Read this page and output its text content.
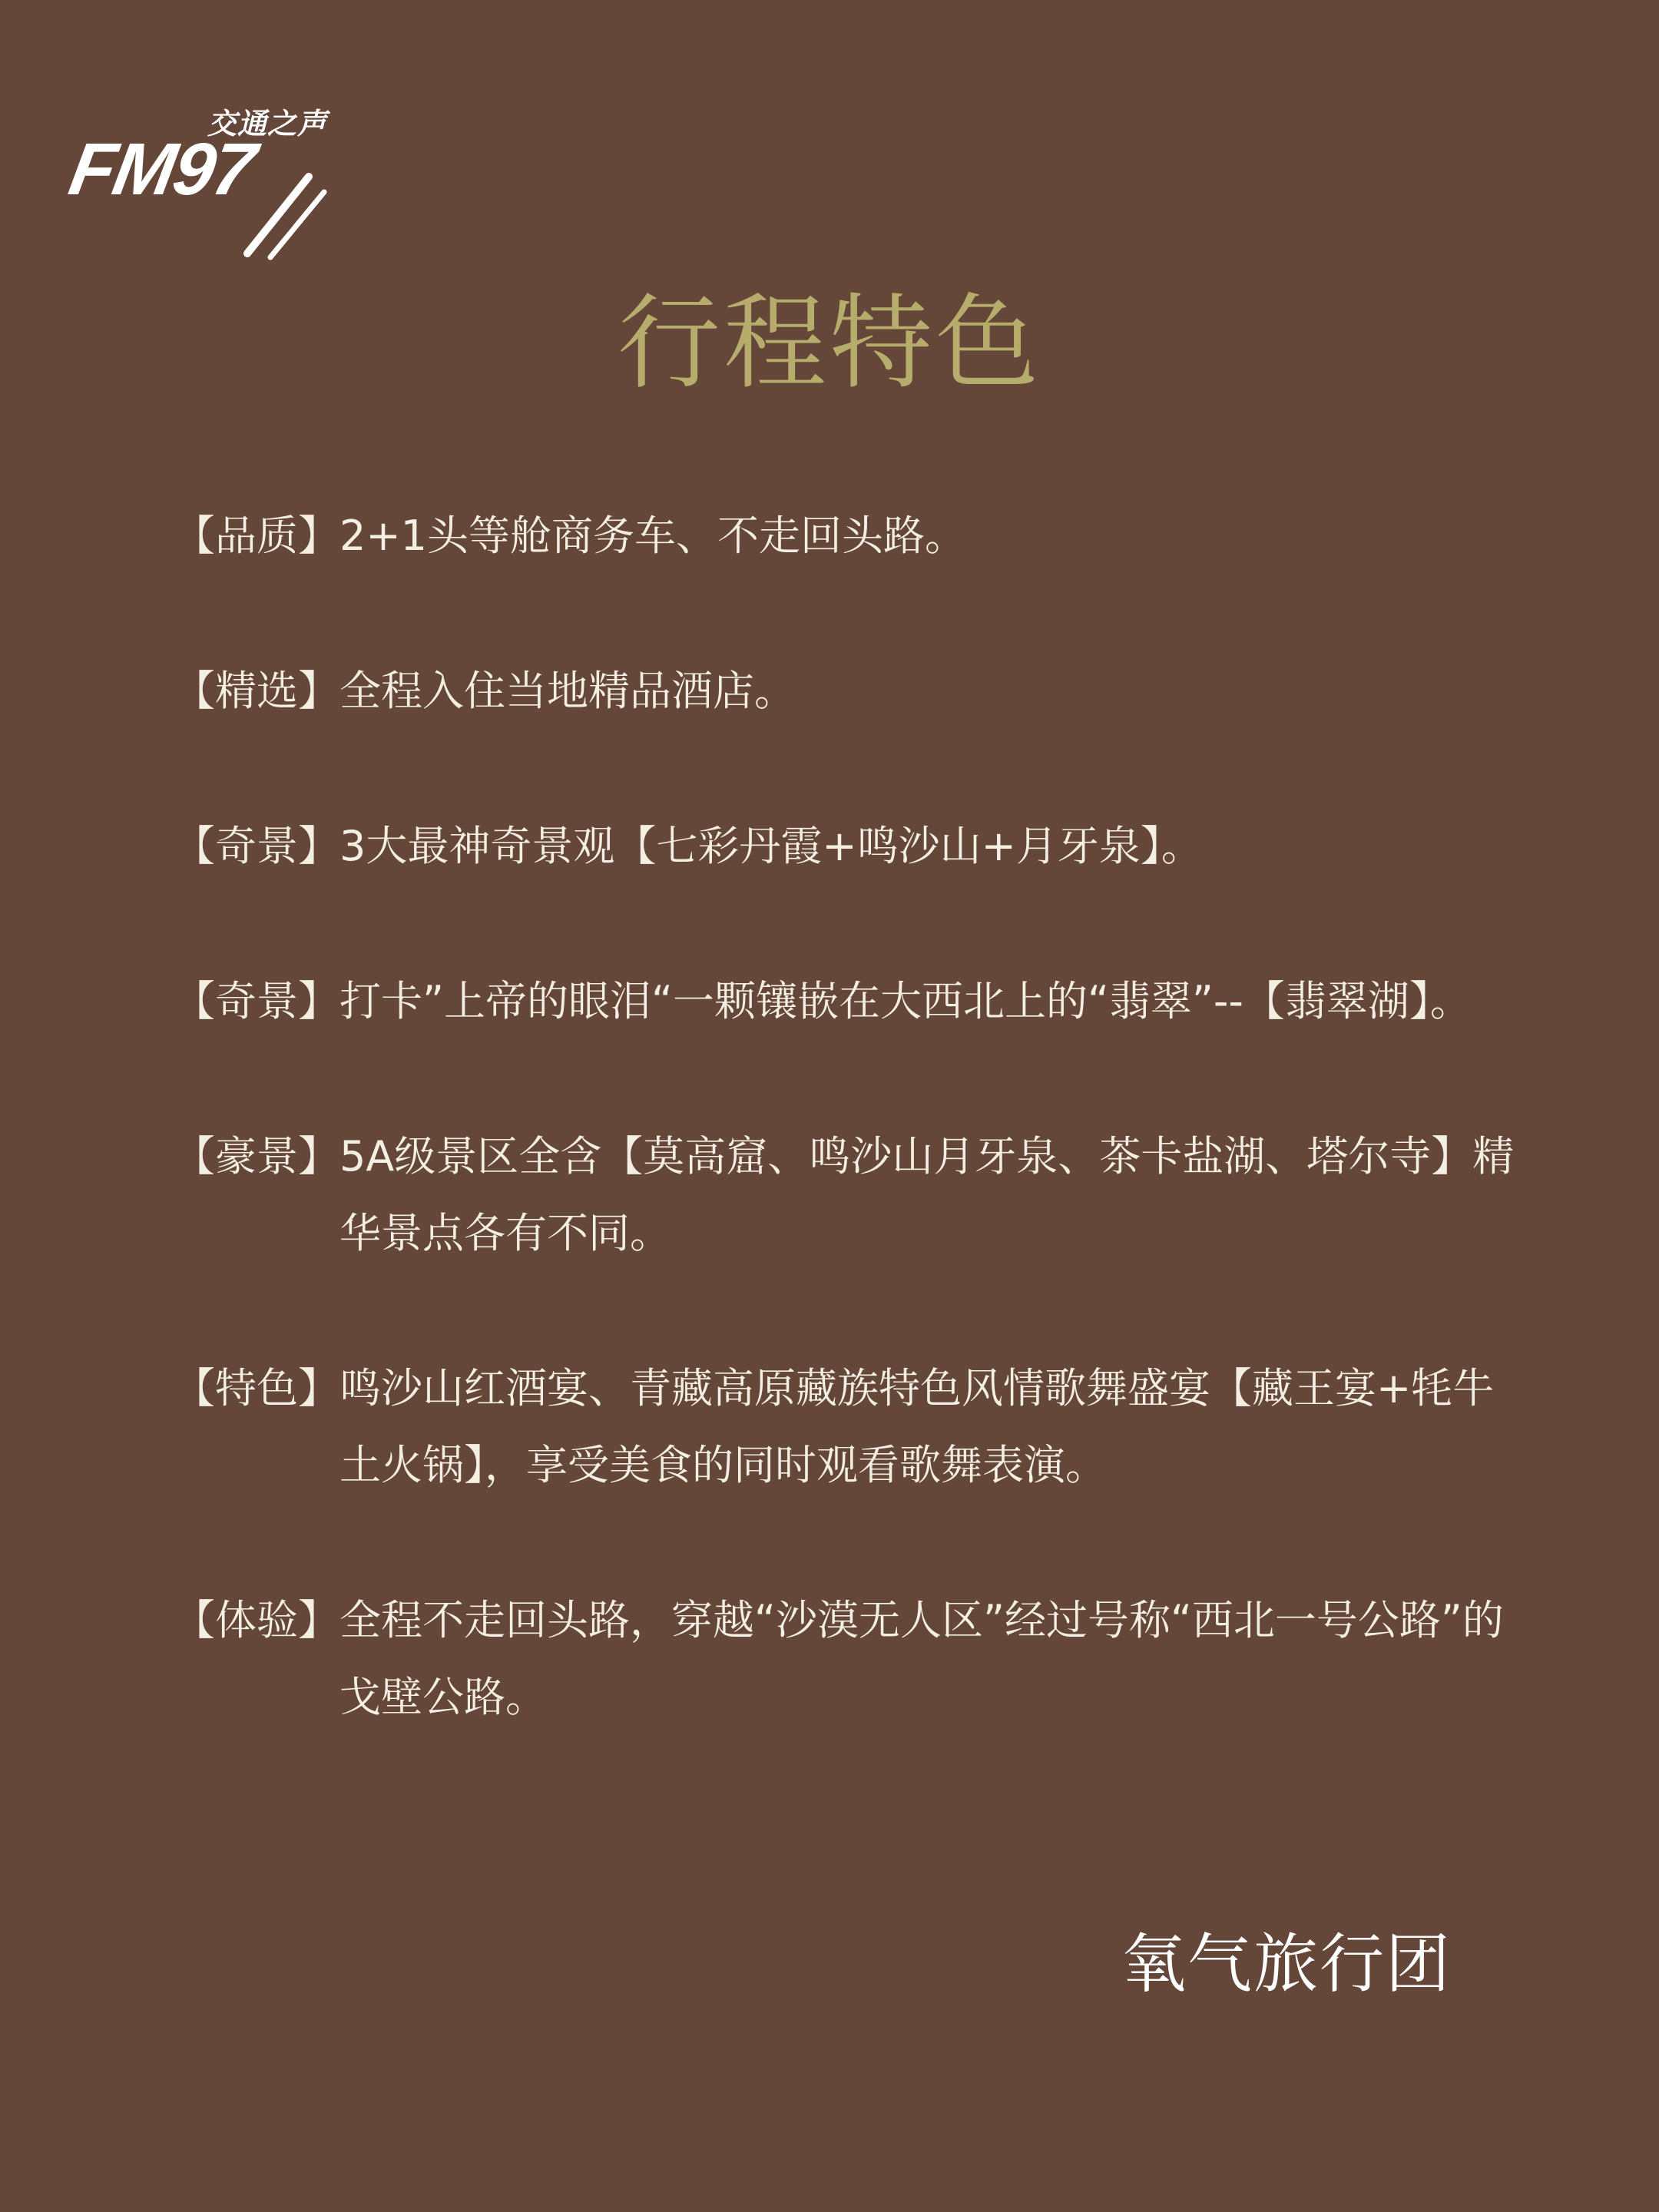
交通之声
FM97
行程特色
【品质】 2+1头等舱商务车、不走回头路。
【精选】 全程入住当地精品酒店。
【奇景】 3大最神奇景观【七彩丹霞+鸣沙山+月牙泉】。
【奇景】 打卡”上帝的眼泪“一颗镶嵌在大西北上的“翡翠”--【翡翠湖】。
【豪景】 5A级景区全含【莫高窟、鸣沙山月牙泉、茶卡盐湖、塔尔寺】精华景点各有不同。
【特色】 鸣沙山红酒宴、青藏高原藏族特色风情歌舞盛宴【藏王宴+牦牛土火锅】，享受美食的同时观看歌舞表演。
【体验】 全程不走回头路，穿越“沙漠无人区”经过号称“西北一号公路”的戈壁公路。
氧气旅行团
